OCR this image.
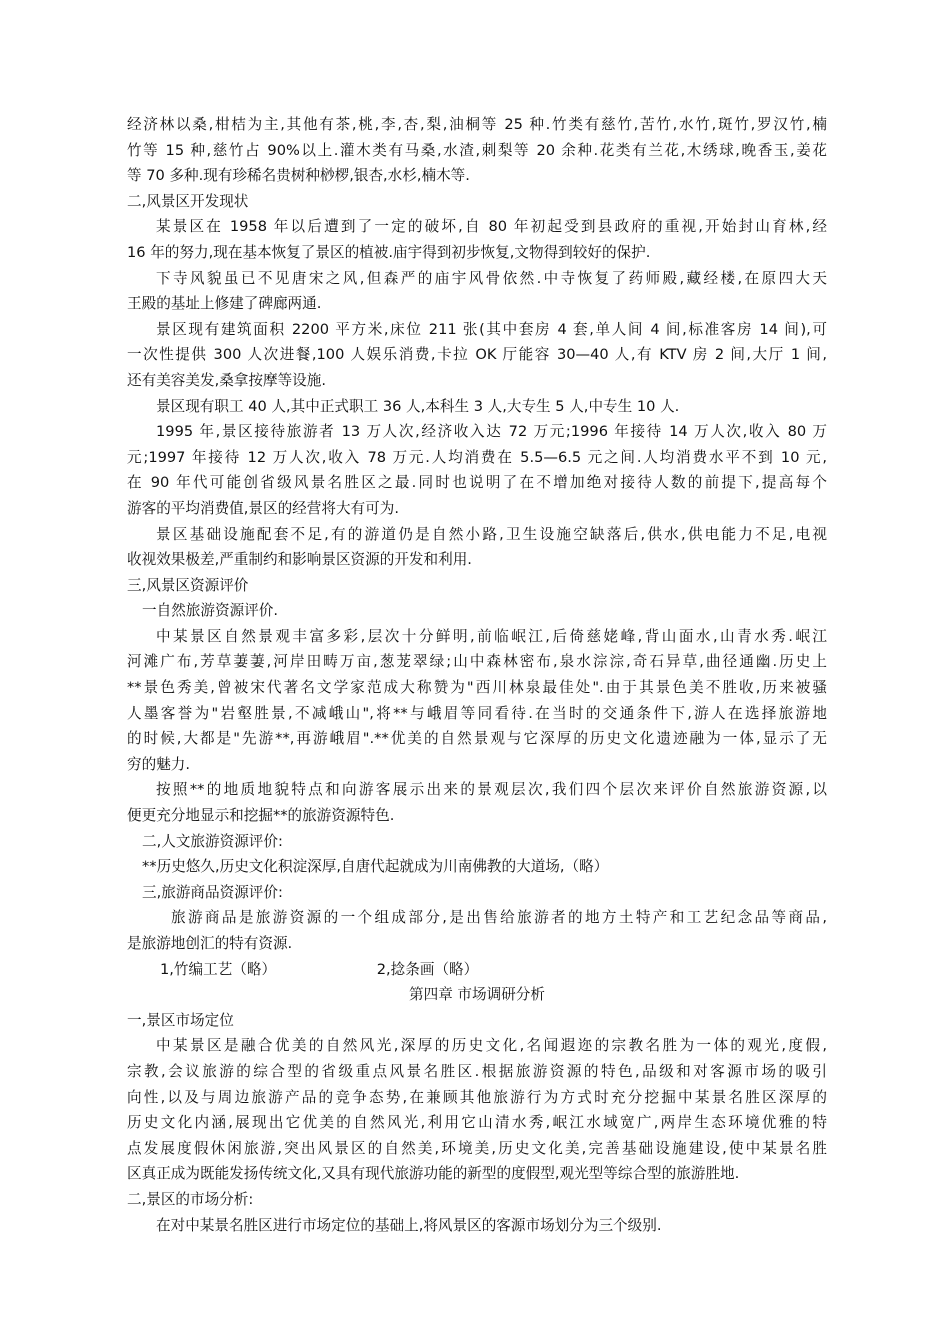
经济林以桑,柑桔为主,其他有茶,桃,李,杏,梨,油桐等 25 种.竹类有慈竹,苦竹,水竹,斑竹,罗汉竹,楠
竹等 15 种,慈竹占 90%以上.灌木类有马桑,水渣,刺梨等 20 余种.花类有兰花,木绣球,晚香玉,姜花
等 70 多种.现有珍稀名贵树种桫椤,银杏,水杉,楠木等.
二,风景区开发现状
某景区在 1958 年以后遭到了一定的破坏,自 80 年初起受到县政府的重视,开始封山育林,经
16 年的努力,现在基本恢复了景区的植被.庙宇得到初步恢复,文物得到较好的保护.
下寺风貌虽已不见唐宋之风,但森严的庙宇风骨依然.中寺恢复了药师殿,藏经楼,在原四大天
王殿的基址上修建了碑廊两通.
景区现有建筑面积 2200 平方米,床位 211 张(其中套房 4 套,单人间 4 间,标准客房 14 间),可
一次性提供 300 人次进餐,100 人娱乐消费,卡拉 OK 厅能容 30—40 人,有 KTV 房 2 间,大厅 1 间,
还有美容美发,桑拿按摩等设施.
景区现有职工 40 人,其中正式职工 36 人,本科生 3 人,大专生 5 人,中专生 10 人.
1995 年,景区接待旅游者 13 万人次,经济收入达 72 万元;1996 年接待 14 万人次,收入 80 万
元;1997 年接待 12 万人次,收入 78 万元.人均消费在 5.5—6.5 元之间.人均消费水平不到 10 元,
在 90 年代可能创省级风景名胜区之最.同时也说明了在不增加绝对接待人数的前提下,提高每个
游客的平均消费值,景区的经营将大有可为.
景区基础设施配套不足,有的游道仍是自然小路,卫生设施空缺落后,供水,供电能力不足,电视
收视效果极差,严重制约和影响景区资源的开发和利用.
三,风景区资源评价
一自然旅游资源评价.
中某景区自然景观丰富多彩,层次十分鲜明,前临岷江,后倚慈姥峰,背山面水,山青水秀.岷江
河滩广布,芳草萋萋,河岸田畴万亩,葱茏翠绿;山中森林密布,泉水淙淙,奇石异草,曲径通幽.历史上
**景色秀美,曾被宋代著名文学家范成大称赞为"西川林泉最佳处".由于其景色美不胜收,历来被骚
人墨客誉为"岩壑胜景,不减峨山",将**与峨眉等同看待.在当时的交通条件下,游人在选择旅游地
的时候,大都是"先游**,再游峨眉".**优美的自然景观与它深厚的历史文化遗迹融为一体,显示了无
穷的魅力.
按照**的地质地貌特点和向游客展示出来的景观层次,我们四个层次来评价自然旅游资源,以
便更充分地显示和挖掘**的旅游资源特色.
二,人文旅游资源评价:
**历史悠久,历史文化积淀深厚,自唐代起就成为川南佛教的大道场,（略）
三,旅游商品资源评价:
旅游商品是旅游资源的一个组成部分,是出售给旅游者的地方土特产和工艺纪念品等商品,
是旅游地创汇的特有资源.
1,竹编工艺（略）	2,捻条画（略）
第四章 市场调研分析
一,景区市场定位
中某景区是融合优美的自然风光,深厚的历史文化,名闻遐迩的宗教名胜为一体的观光,度假,
宗教,会议旅游的综合型的省级重点风景名胜区.根据旅游资源的特色,品级和对客源市场的吸引
向性,以及与周边旅游产品的竞争态势,在兼顾其他旅游行为方式时充分挖掘中某景名胜区深厚的
历史文化内涵,展现出它优美的自然风光,利用它山清水秀,岷江水域宽广,两岸生态环境优雅的特
点发展度假休闲旅游,突出风景区的自然美,环境美,历史文化美,完善基础设施建设,使中某景名胜
区真正成为既能发扬传统文化,又具有现代旅游功能的新型的度假型,观光型等综合型的旅游胜地.
二,景区的市场分析:
在对中某景名胜区进行市场定位的基础上,将风景区的客源市场划分为三个级别.
